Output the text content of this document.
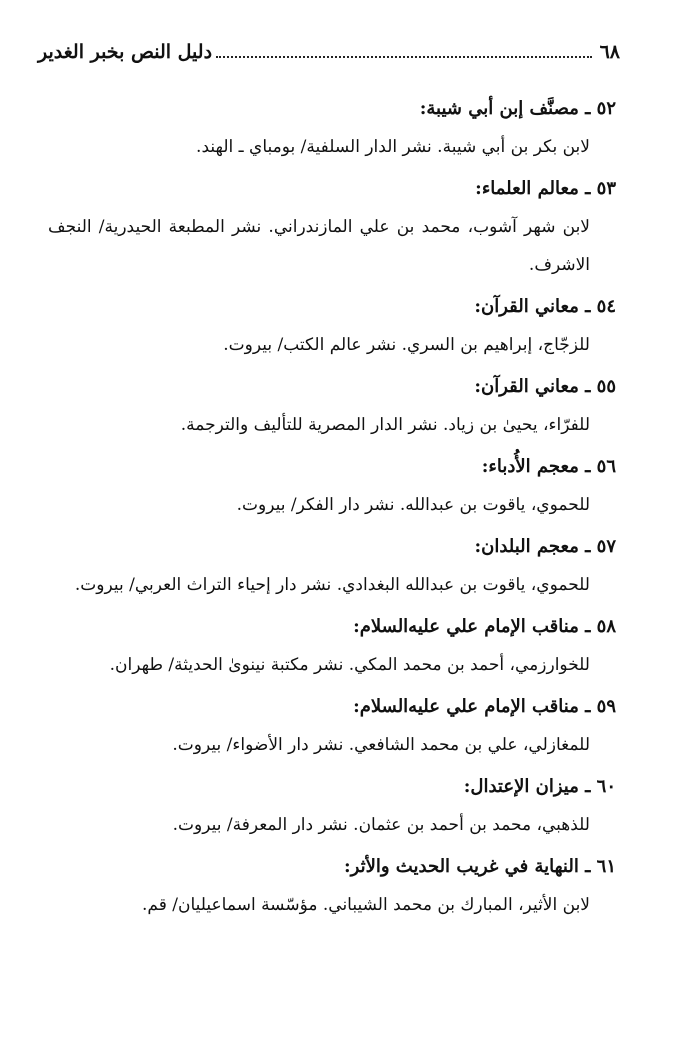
٦٨
دليل النص بخبر الغدير

٥٢ ـ مصنَّف إبن أبي شيبة:

لابن بكر بن أبي شيبة. نشر الدار السلفية/ بومباي ـ الهند.

٥٣ ـ معالم العلماء:

لابن شهر آشوب، محمد بن علي المازندراني. نشر المطبعة الحيدرية/ النجف الاشرف.

٥٤ ـ معاني القرآن:

للزجّاج، إبراهيم بن السري. نشر عالم الكتب/ بيروت.

٥٥ ـ معاني القرآن:

للفرّاء، يحيىٰ بن زياد. نشر الدار المصرية للتأليف والترجمة.

٥٦ ـ معجم الأُدباء:

للحموي، ياقوت بن عبدالله. نشر دار الفكر/ بيروت.

٥٧ ـ معجم البلدان:

للحموي، ياقوت بن عبدالله البغدادي. نشر دار إحياء التراث العربي/ بيروت.

٥٨ ـ مناقب الإمام علي عليه‌السلام:

للخوارزمي، أحمد بن محمد المكي. نشر مكتبة نينوىٰ الحديثة/ طهران.

٥٩ ـ مناقب الإمام علي عليه‌السلام:

للمغازلي، علي بن محمد الشافعي. نشر دار الأضواء/ بيروت.

٦٠ ـ ميزان الإعتدال:

للذهبي، محمد بن أحمد بن عثمان. نشر دار المعرفة/ بيروت.

٦١ ـ النهاية في غريب الحديث والأثر:

لابن الأثير، المبارك بن محمد الشيباني. مؤسّسة اسماعيليان/ قم.
